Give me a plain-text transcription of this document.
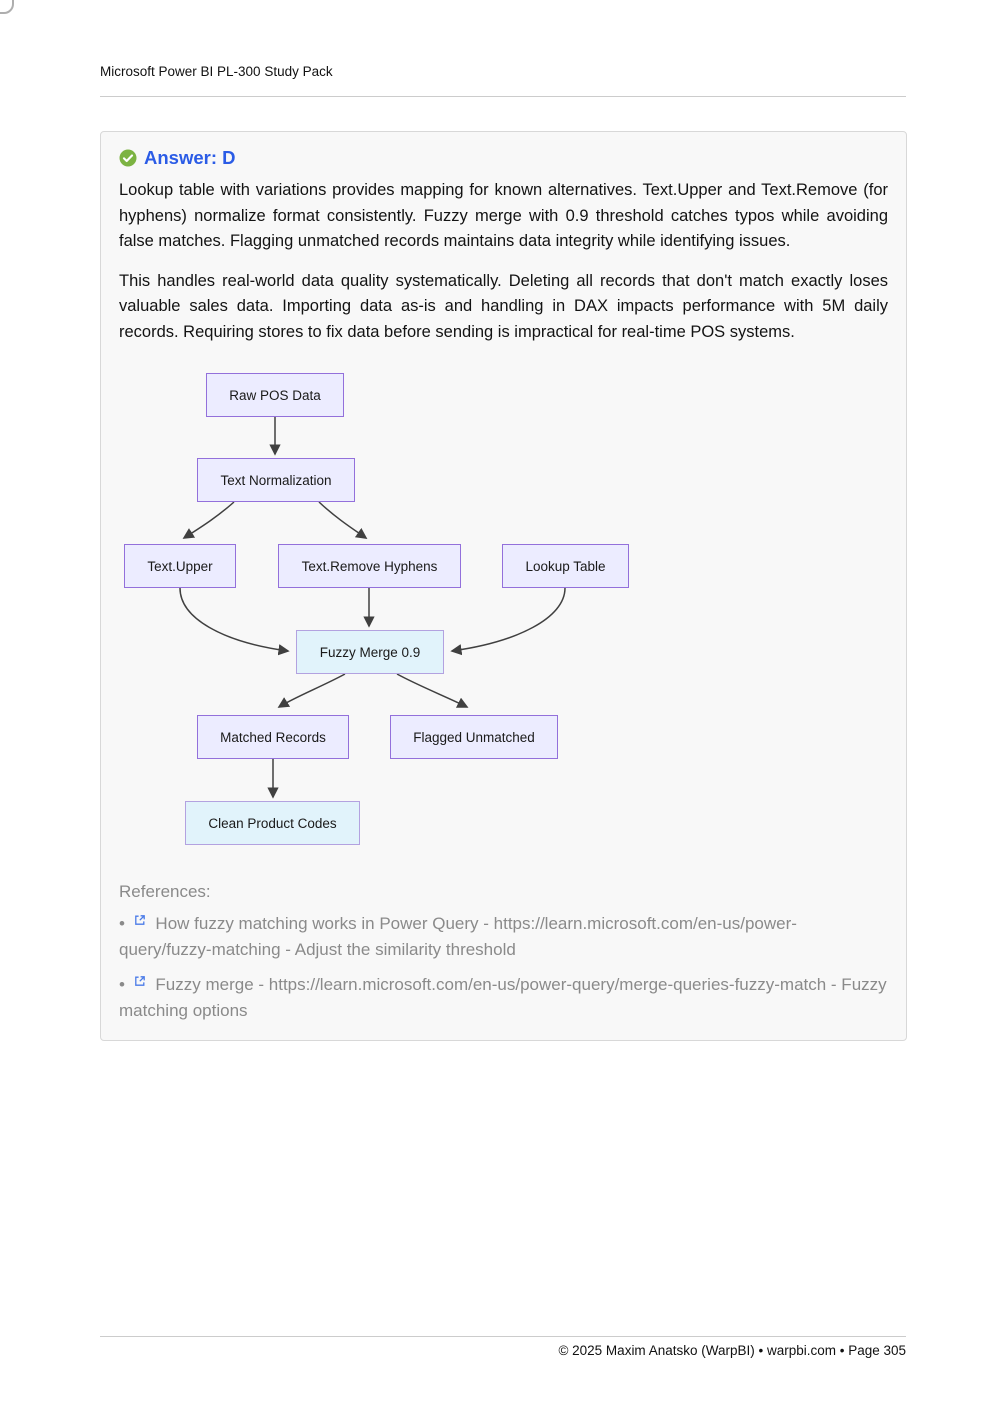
Microsoft Power BI PL-300 Study Pack
Answer: D

Lookup table with variations provides mapping for known alternatives. Text.Upper and Text.Remove (for hyphens) normalize format consistently. Fuzzy merge with 0.9 threshold catches typos while avoiding false matches. Flagging unmatched records maintains data integrity while identifying issues.

This handles real-world data quality systematically. Deleting all records that don't match exactly loses valuable sales data. Importing data as-is and handling in DAX impacts performance with 5M daily records. Requiring stores to fix data before sending is impractical for real-time POS systems.

Raw POS Data
Text Normalization
Text.Upper	Text.Remove Hyphens	Lookup Table
Fuzzy Merge 0.9
Matched Records	Flagged Unmatched
Clean Product Codes
References:

• How fuzzy matching works in Power Query - https://learn.microsoft.com/en-us/power-query/fuzzy-matching - Adjust the similarity threshold

• Fuzzy merge - https://learn.microsoft.com/en-us/power-query/merge-queries-fuzzy-match - Fuzzy matching options

© 2025 Maxim Anatsko (WarpBI) • warpbi.com • Page 305
